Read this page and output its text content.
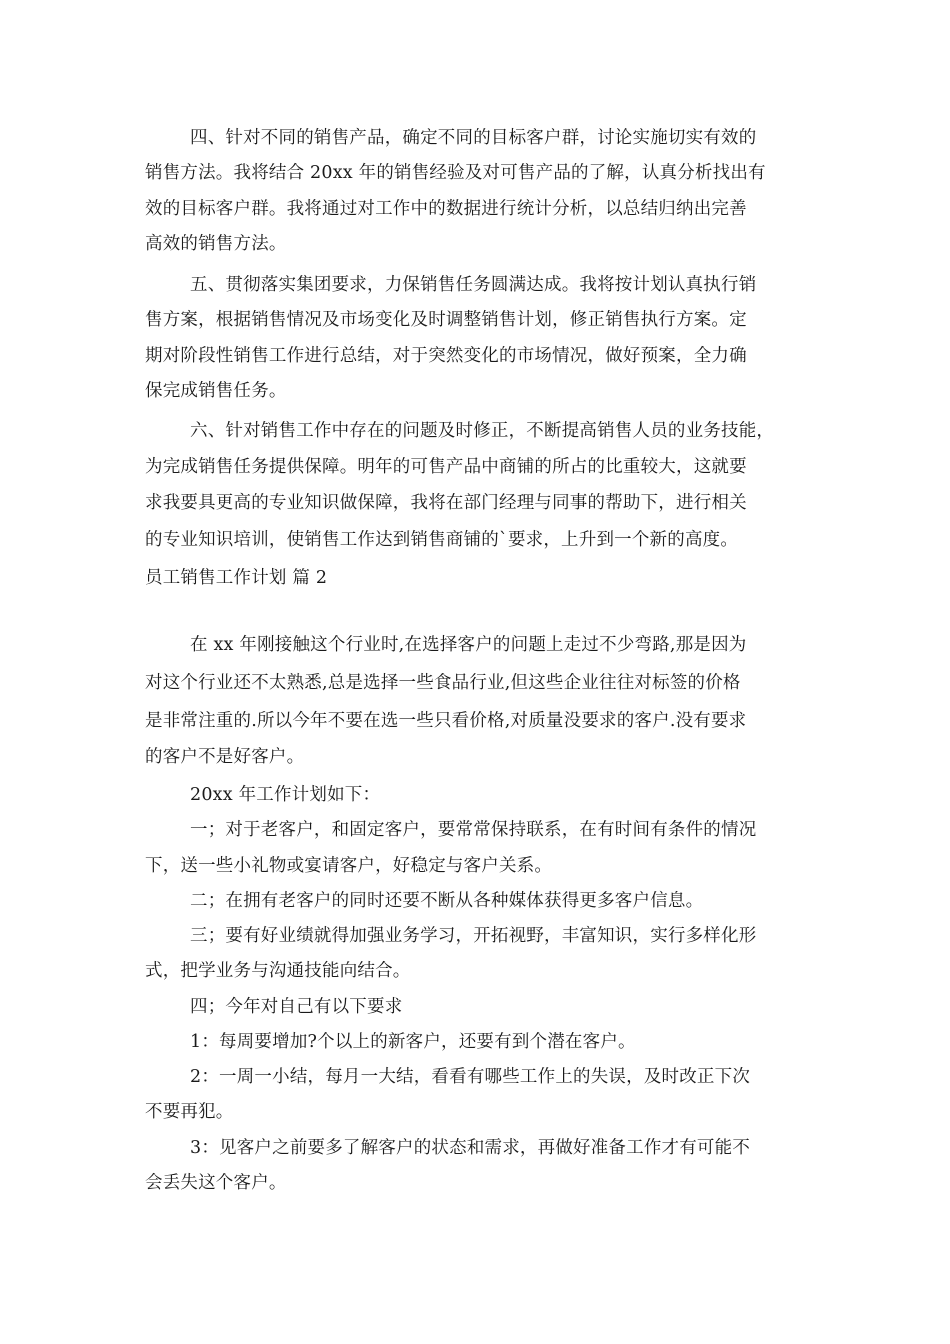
四、针对不同的销售产品，确定不同的目标客户群，讨论实施切实有效的
销售方法。我将结合 20xx 年的销售经验及对可售产品的了解，认真分析找出有
效的目标客户群。我将通过对工作中的数据进行统计分析，以总结归纳出完善
高效的销售方法。
五、贯彻落实集团要求，力保销售任务圆满达成。我将按计划认真执行销
售方案，根据销售情况及市场变化及时调整销售计划，修正销售执行方案。定
期对阶段性销售工作进行总结，对于突然变化的市场情况，做好预案，全力确
保完成销售任务。
六、针对销售工作中存在的问题及时修正，不断提高销售人员的业务技能，
为完成销售任务提供保障。明年的可售产品中商铺的所占的比重较大，这就要
求我要具更高的专业知识做保障，我将在部门经理与同事的帮助下，进行相关
的专业知识培训，使销售工作达到销售商铺的`要求，上升到一个新的高度。
员工销售工作计划 篇 2
在 xx 年刚接触这个行业时,在选择客户的问题上走过不少弯路,那是因为
对这个行业还不太熟悉,总是选择一些食品行业,但这些企业往往对标签的价格
是非常注重的.所以今年不要在选一些只看价格,对质量没要求的客户.没有要求
的客户不是好客户。
20xx 年工作计划如下：
一；对于老客户，和固定客户，要常常保持联系，在有时间有条件的情况
下，送一些小礼物或宴请客户，好稳定与客户关系。
二；在拥有老客户的同时还要不断从各种媒体获得更多客户信息。
三；要有好业绩就得加强业务学习，开拓视野，丰富知识，实行多样化形
式，把学业务与沟通技能向结合。
四；今年对自己有以下要求
1：每周要增加?个以上的新客户，还要有到个潜在客户。
2：一周一小结，每月一大结，看看有哪些工作上的失误，及时改正下次
不要再犯。
3：见客户之前要多了解客户的状态和需求，再做好准备工作才有可能不
会丢失这个客户。
